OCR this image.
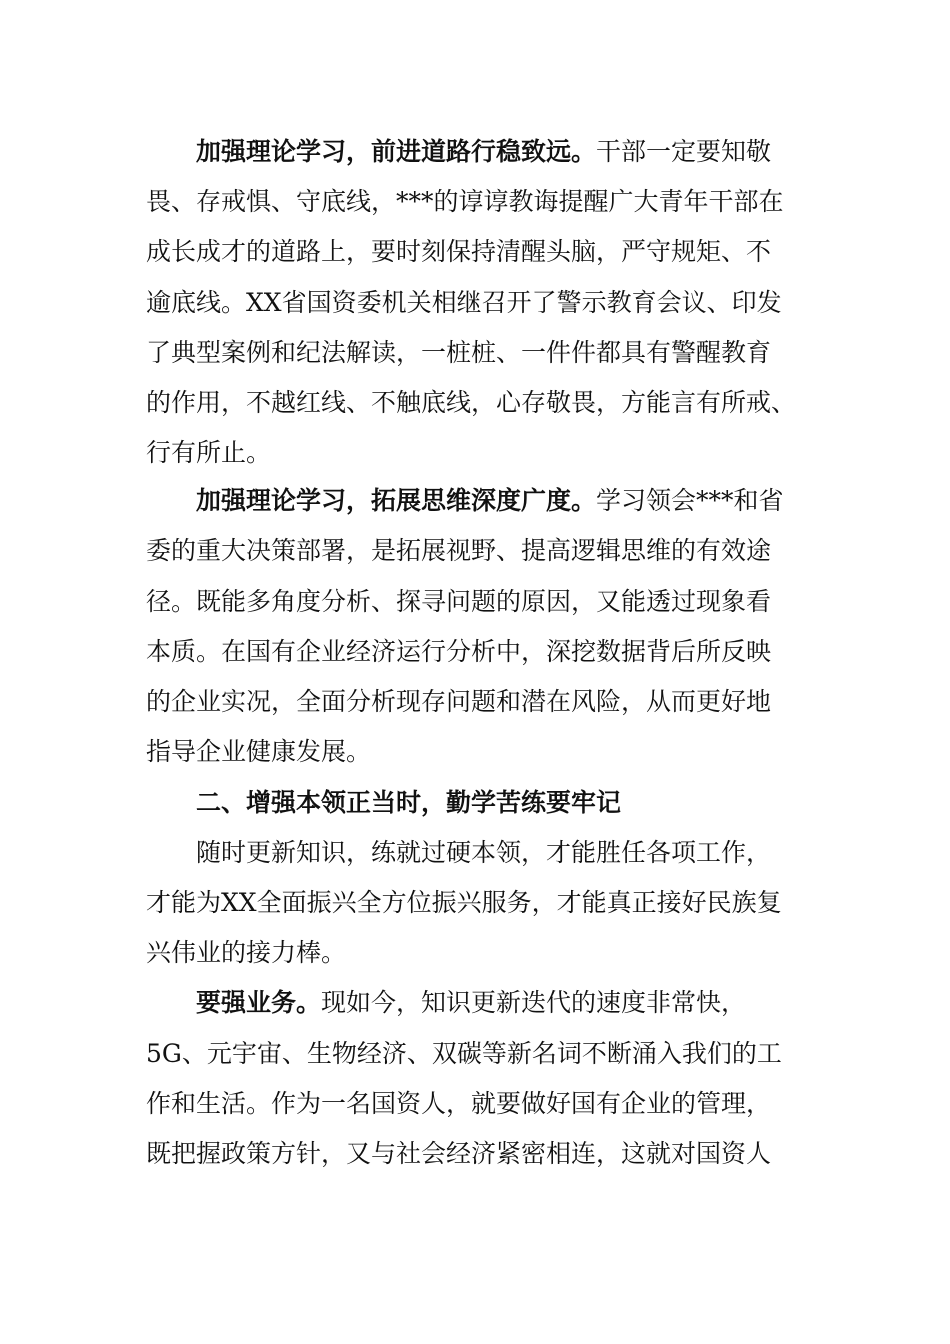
加强理论学习，前进道路行稳致远。干部一定要知敬

畏、存戒惧、守底线，***的谆谆教诲提醒广大青年干部在

成长成才的道路上，要时刻保持清醒头脑，严守规矩、不

逾底线。XX省国资委机关相继召开了警示教育会议、印发

了典型案例和纪法解读，一桩桩、一件件都具有警醒教育

的作用，不越红线、不触底线，心存敬畏，方能言有所戒、

行有所止。

加强理论学习，拓展思维深度广度。学习领会***和省

委的重大决策部署，是拓展视野、提高逻辑思维的有效途

径。既能多角度分析、探寻问题的原因，又能透过现象看

本质。在国有企业经济运行分析中，深挖数据背后所反映

的企业实况，全面分析现存问题和潜在风险，从而更好地

指导企业健康发展。

二、增强本领正当时，勤学苦练要牢记

随时更新知识，练就过硬本领，才能胜任各项工作，

才能为XX全面振兴全方位振兴服务，才能真正接好民族复

兴伟业的接力棒。

要强业务。现如今，知识更新迭代的速度非常快，

5G、元宇宙、生物经济、双碳等新名词不断涌入我们的工

作和生活。作为一名国资人，就要做好国有企业的管理，

既把握政策方针，又与社会经济紧密相连，这就对国资人
